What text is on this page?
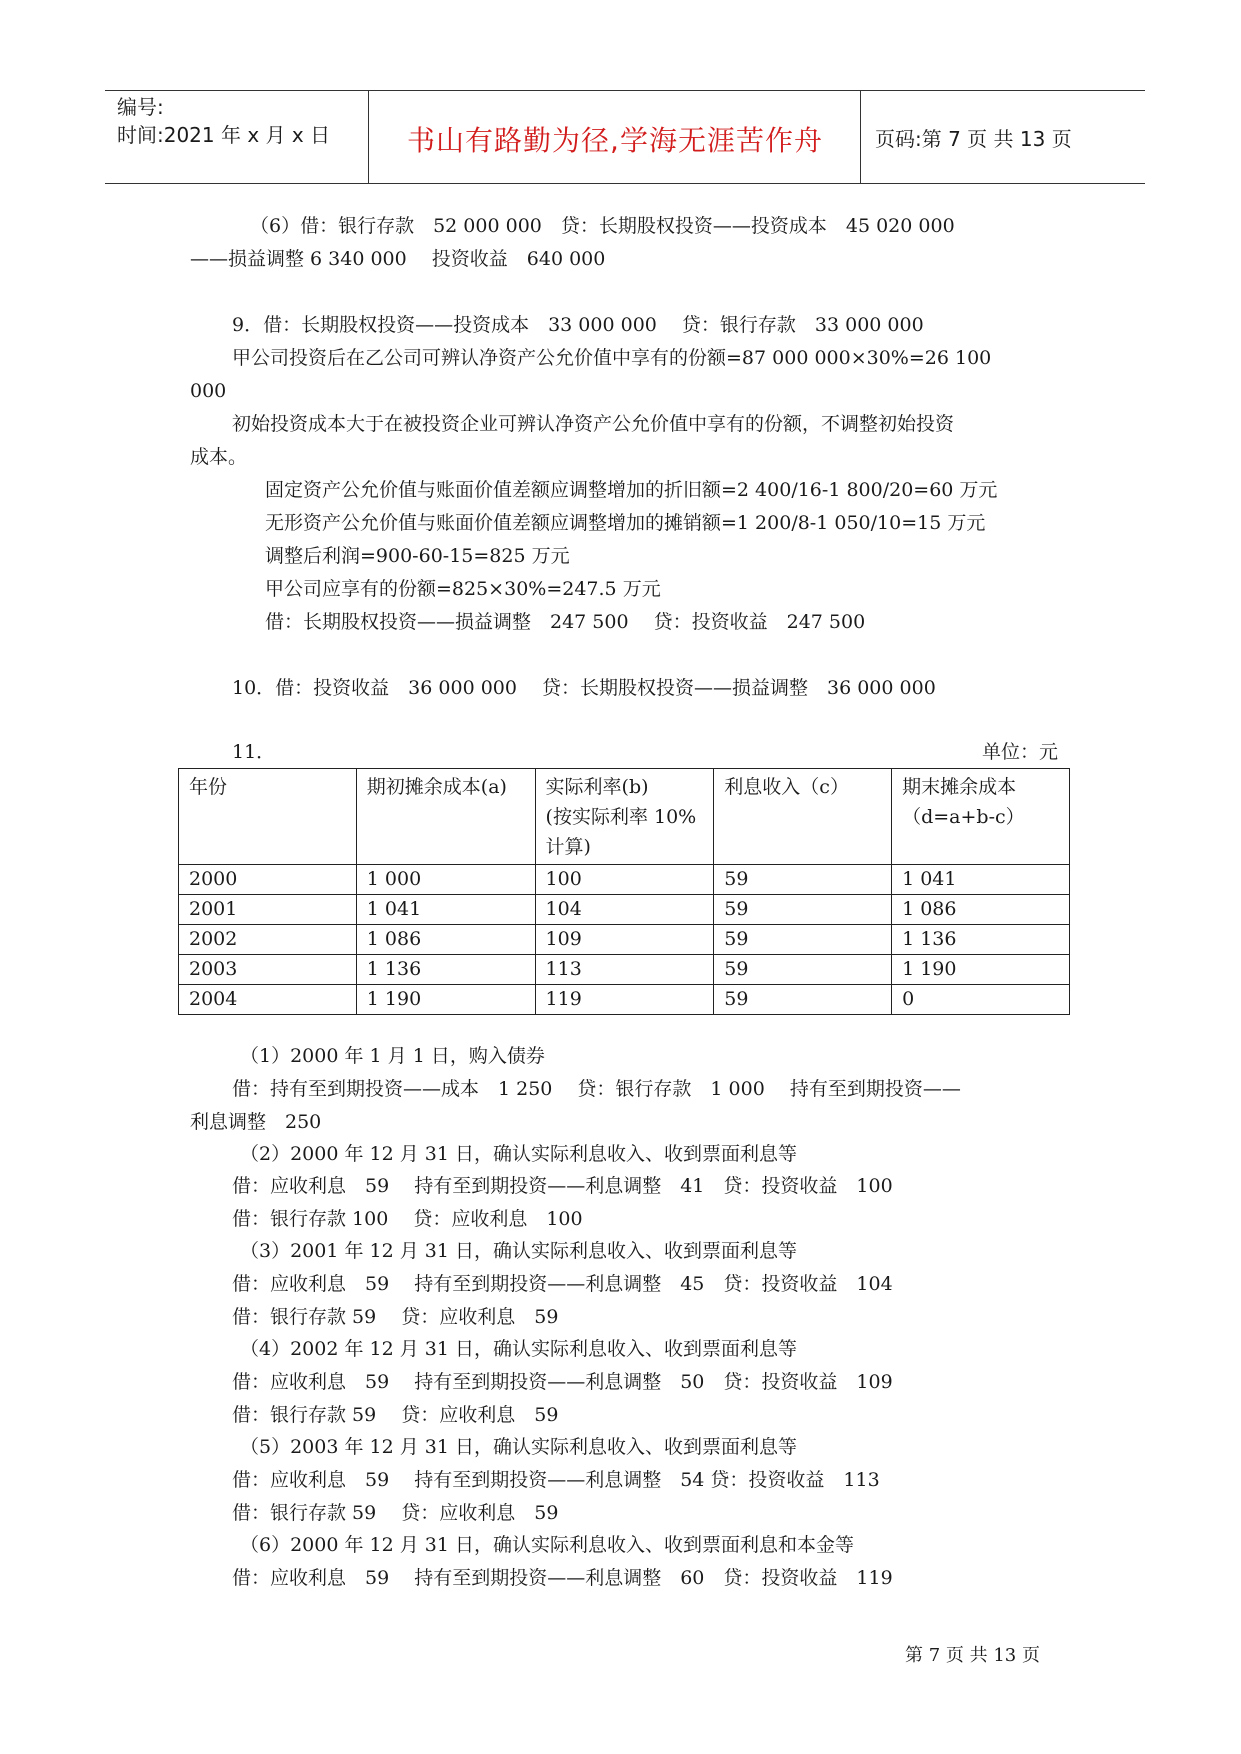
编号:
时间:2021 年 x 月 x 日	书山有路勤为径,学海无涯苦作舟	页码:第 7 页 共 13 页
（6）借：银行存款　52 000 000　贷：长期股权投资——投资成本　45 020 000
——损益调整 6 340 000　 投资收益　640 000
9．借：长期股权投资——投资成本　33 000 000　 贷：银行存款　33 000 000
甲公司投资后在乙公司可辨认净资产公允价值中享有的份额=87 000 000×30%=26 100
000
初始投资成本大于在被投资企业可辨认净资产公允价值中享有的份额，不调整初始投资
成本。
固定资产公允价值与账面价值差额应调整增加的折旧额=2 400/16-1 800/20=60 万元
无形资产公允价值与账面价值差额应调整增加的摊销额=1 200/8-1 050/10=15 万元
调整后利润=900-60-15=825 万元
甲公司应享有的份额=825×30%=247.5 万元
借：长期股权投资——损益调整　247 500　 贷：投资收益　247 500
10．借：投资收益　36 000 000　 贷：长期股权投资——损益调整　36 000 000
11．	单位：元
年份	期初摊余成本(a)	实际利率(b)
(按实际利率 10%
计算)	利息收入（c）	期末摊余成本
（d=a+b-c）
2000	1 000	100	59	1 041
2001	1 041	104	59	1 086
2002	1 086	109	59	1 136
2003	1 136	113	59	1 190
2004	1 190	119	59	0
（1）2000 年 1 月 1 日，购入债券
借：持有至到期投资——成本　1 250　 贷：银行存款　1 000　 持有至到期投资——
利息调整　250
（2）2000 年 12 月 31 日，确认实际利息收入、收到票面利息等
借：应收利息　59　 持有至到期投资——利息调整　41　贷：投资收益　100
借：银行存款 100　 贷：应收利息　100
（3）2001 年 12 月 31 日，确认实际利息收入、收到票面利息等
借：应收利息　59　 持有至到期投资——利息调整　45　贷：投资收益　104
借：银行存款 59　 贷：应收利息　59
（4）2002 年 12 月 31 日，确认实际利息收入、收到票面利息等
借：应收利息　59　 持有至到期投资——利息调整　50　贷：投资收益　109
借：银行存款 59　 贷：应收利息　59
（5）2003 年 12 月 31 日，确认实际利息收入、收到票面利息等
借：应收利息　59　 持有至到期投资——利息调整　54 贷：投资收益　113
借：银行存款 59　 贷：应收利息　59
（6）2000 年 12 月 31 日，确认实际利息收入、收到票面利息和本金等
借：应收利息　59　 持有至到期投资——利息调整　60　贷：投资收益　119
第 7 页 共 13 页
